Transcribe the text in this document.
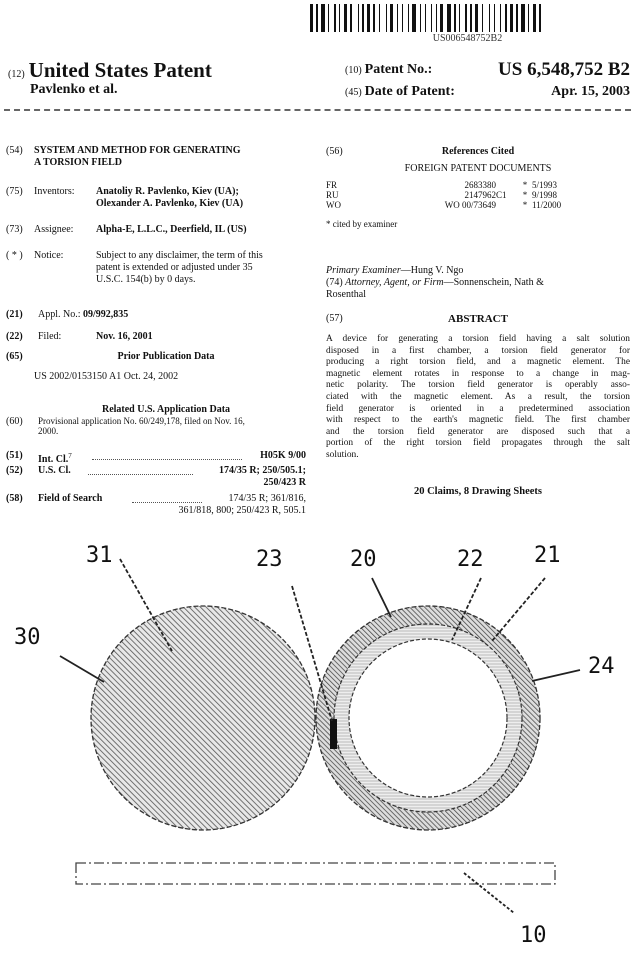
US006548752B2
(12) United States Patent
Pavlenko et al.
(10) Patent No.:	US 6,548,752 B2
(45) Date of Patent:	Apr. 15, 2003
(54)	SYSTEM AND METHOD FOR GENERATING
A TORSION FIELD
(75)	Inventors: Anatoliy R. Pavlenko, Kiev (UA);
Olexander A. Pavlenko, Kiev (UA)
(73)	Assignee: Alpha-E, L.L.C., Deerfield, IL (US)
( * )	Notice:	Subject to any disclaimer, the term of this
patent is extended or adjusted under 35
U.S.C. 154(b) by 0 days.
(21)	Appl. No.: 09/992,835
(22)	Filed:	Nov. 16, 2001
(65)	Prior Publication Data
US 2002/0153150 A1 Oct. 24, 2002
Related U.S. Application Data
(60)	Provisional application No. 60/249,178, filed on Nov. 16,
2000.
(51)	Int. Cl.$^7$	H05K 9/00
(52)	U.S. Cl.	174/35 R; 250/505.1;
250/423 R
(58)	Field of Search	174/35 R; 361/816,
361/818, 800; 250/423 R, 505.1
(56)	References Cited
FOREIGN PATENT DOCUMENTS
FR	2683380		*	5/1993
RU	2147962	C1	*	9/1998
WO	WO 00/73649		*	11/2000
* cited by examiner
Primary Examiner—Hung V. Ngo
(74) Attorney, Agent, or Firm—Sonnenschein, Nath &
Rosenthal
(57)	ABSTRACT
A device for generating a torsion field having a salt solution
disposed in a first chamber, a torsion field generator for
producing a right torsion field, and a magnetic element. The
magnetic element rotates in response to a change in mag-
netic polarity. The torsion field generator is operably asso-
ciated with the magnetic element. As a result, the torsion
field generator is oriented in a predetermined association
with respect to the earth's magnetic field. The first chamber
and the torsion field generator are disposed such that a
portion of the right torsion field propagates through the salt
solution.
20 Claims, 8 Drawing Sheets
31	23	20	22 21
30
24
10
